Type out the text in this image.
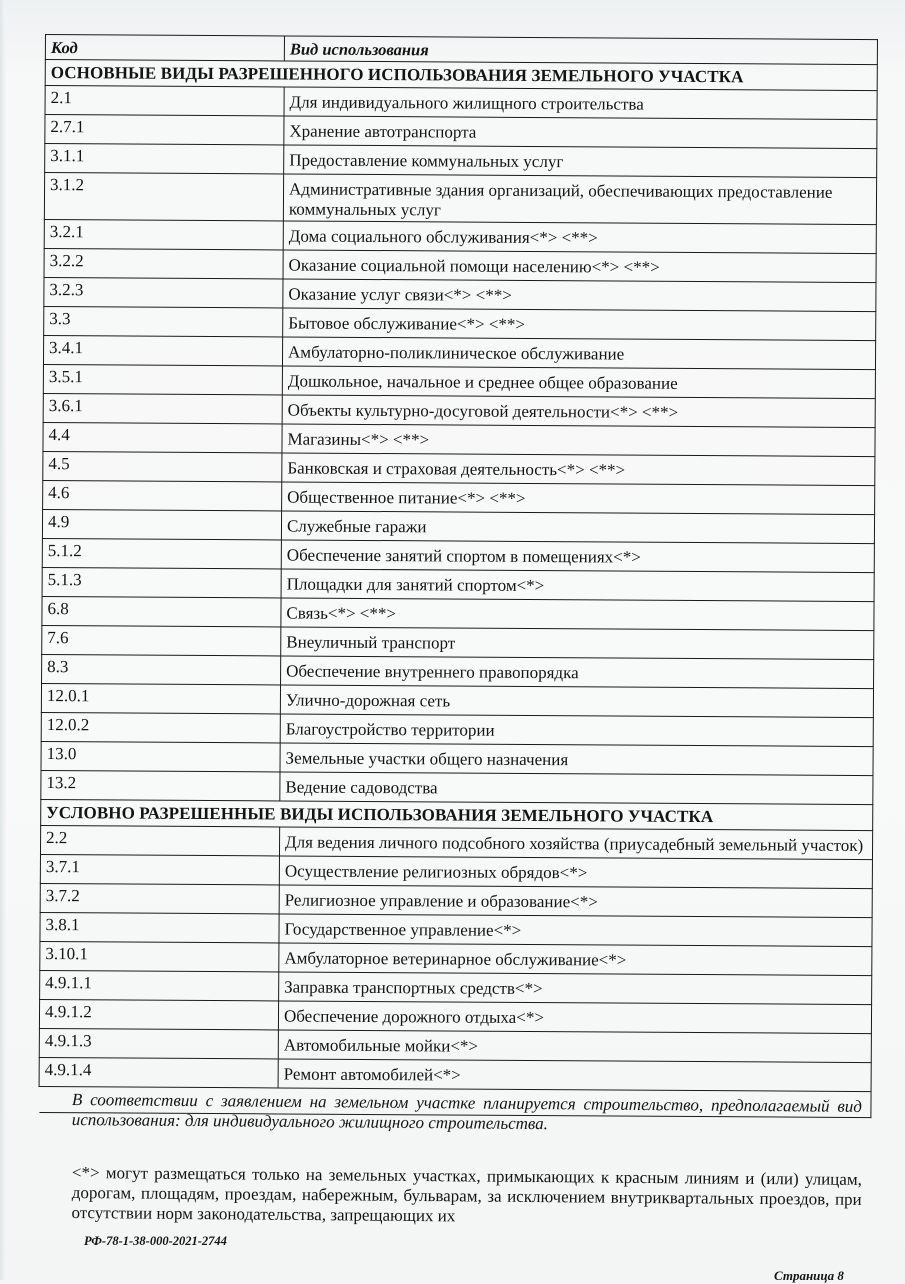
Код	Вид использования
ОСНОВНЫЕ ВИДЫ РАЗРЕШЕННОГО ИСПОЛЬЗОВАНИЯ ЗЕМЕЛЬНОГО УЧАСТКА	
2.1	Для индивидуального жилищного строительства
2.7.1	Хранение автотранспорта
3.1.1	Предоставление коммунальных услуг
3.1.2	Административные здания организаций, обеспечивающих предоставление коммунальных услуг
3.2.1	Дома социального обслуживания<*> <**>
3.2.2	Оказание социальной помощи населению<*> <**>
3.2.3	Оказание услуг связи<*> <**>
3.3	Бытовое обслуживание<*> <**>
3.4.1	Амбулаторно-поликлиническое обслуживание
3.5.1	Дошкольное, начальное и среднее общее образование
3.6.1	Объекты культурно-досуговой деятельности<*> <**>
4.4	Магазины<*> <**>
4.5	Банковская и страховая деятельность<*> <**>
4.6	Общественное питание<*> <**>
4.9	Служебные гаражи
5.1.2	Обеспечение занятий спортом в помещениях<*>
5.1.3	Площадки для занятий спортом<*>
6.8	Связь<*> <**>
7.6	Внеуличный транспорт
8.3	Обеспечение внутреннего правопорядка
12.0.1	Улично-дорожная сеть
12.0.2	Благоустройство территории
13.0	Земельные участки общего назначения
13.2	Ведение садоводства
УСЛОВНО РАЗРЕШЕННЫЕ ВИДЫ ИСПОЛЬЗОВАНИЯ ЗЕМЕЛЬНОГО УЧАСТКА	
2.2	Для ведения личного подсобного хозяйства (приусадебный земельный участок)
3.7.1	Осуществление религиозных обрядов<*>
3.7.2	Религиозное управление и образование<*>
3.8.1	Государственное управление<*>
3.10.1	Амбулаторное ветеринарное обслуживание<*>
4.9.1.1	Заправка транспортных средств<*>
4.9.1.2	Обеспечение дорожного отдыха<*>
4.9.1.3	Автомобильные мойки<*>
4.9.1.4	Ремонт автомобилей<*>

В соответствии с заявлением на земельном участке планируется строительство, предполагаемый вид использования: для индивидуального жилищного строительства.
<*> могут размещаться только на земельных участках, примыкающих к красным линиям и (или) улицам, дорогам, площадям, проездам, набережным, бульварам, за исключением внутриквартальных проездов, при отсутствии норм законодательства, запрещающих их
РФ-78-1-38-000-2021-2744
Страница 8
